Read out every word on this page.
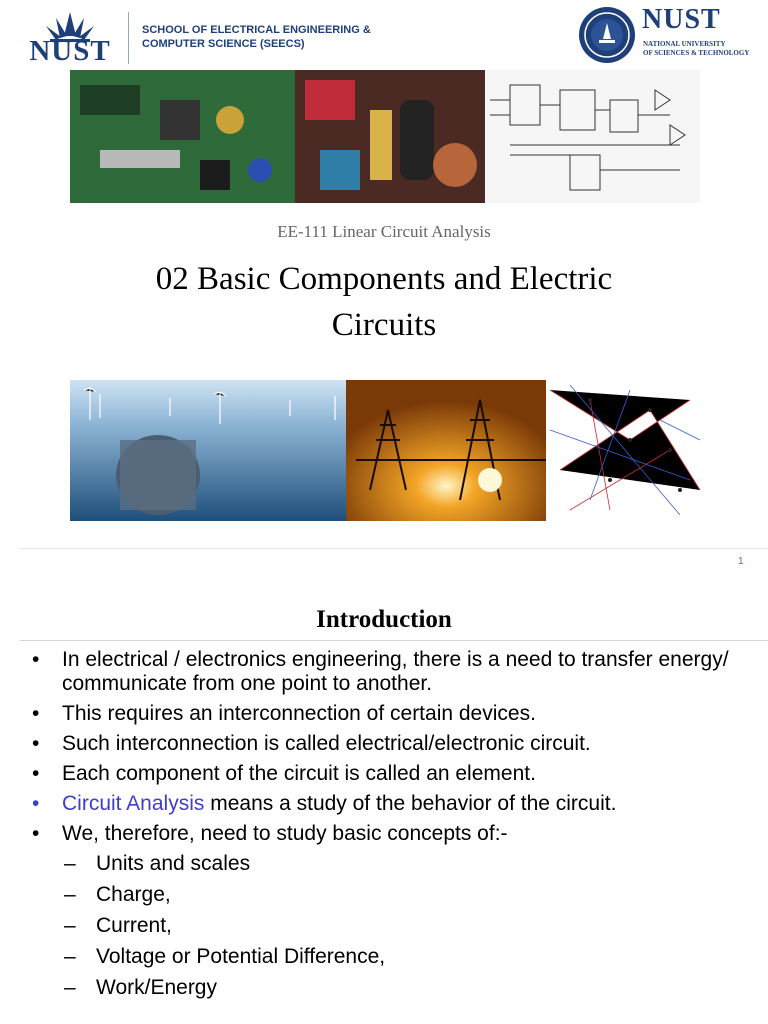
NUST
SCHOOL OF ELECTRICAL ENGINEERING &
COMPUTER SCIENCE (SEECS)
NUST
NATIONAL UNIVERSITY
OF SCIENCES & TECHNOLOGY
EE-111 Linear Circuit Analysis
02 Basic Components and Electric
Circuits
1
Introduction
• In electrical / electronics engineering, there is a need to transfer energy/ communicate from one point to another.
• This requires an interconnection of certain devices.
• Such interconnection is called electrical/electronic circuit.
• Each component of the circuit is called an element.
• Circuit Analysis means a study of the behavior of the circuit.
• We, therefore, need to study basic concepts of:-
– Units and scales
– Charge,
– Current,
– Voltage or Potential Difference,
– Work/Energy
